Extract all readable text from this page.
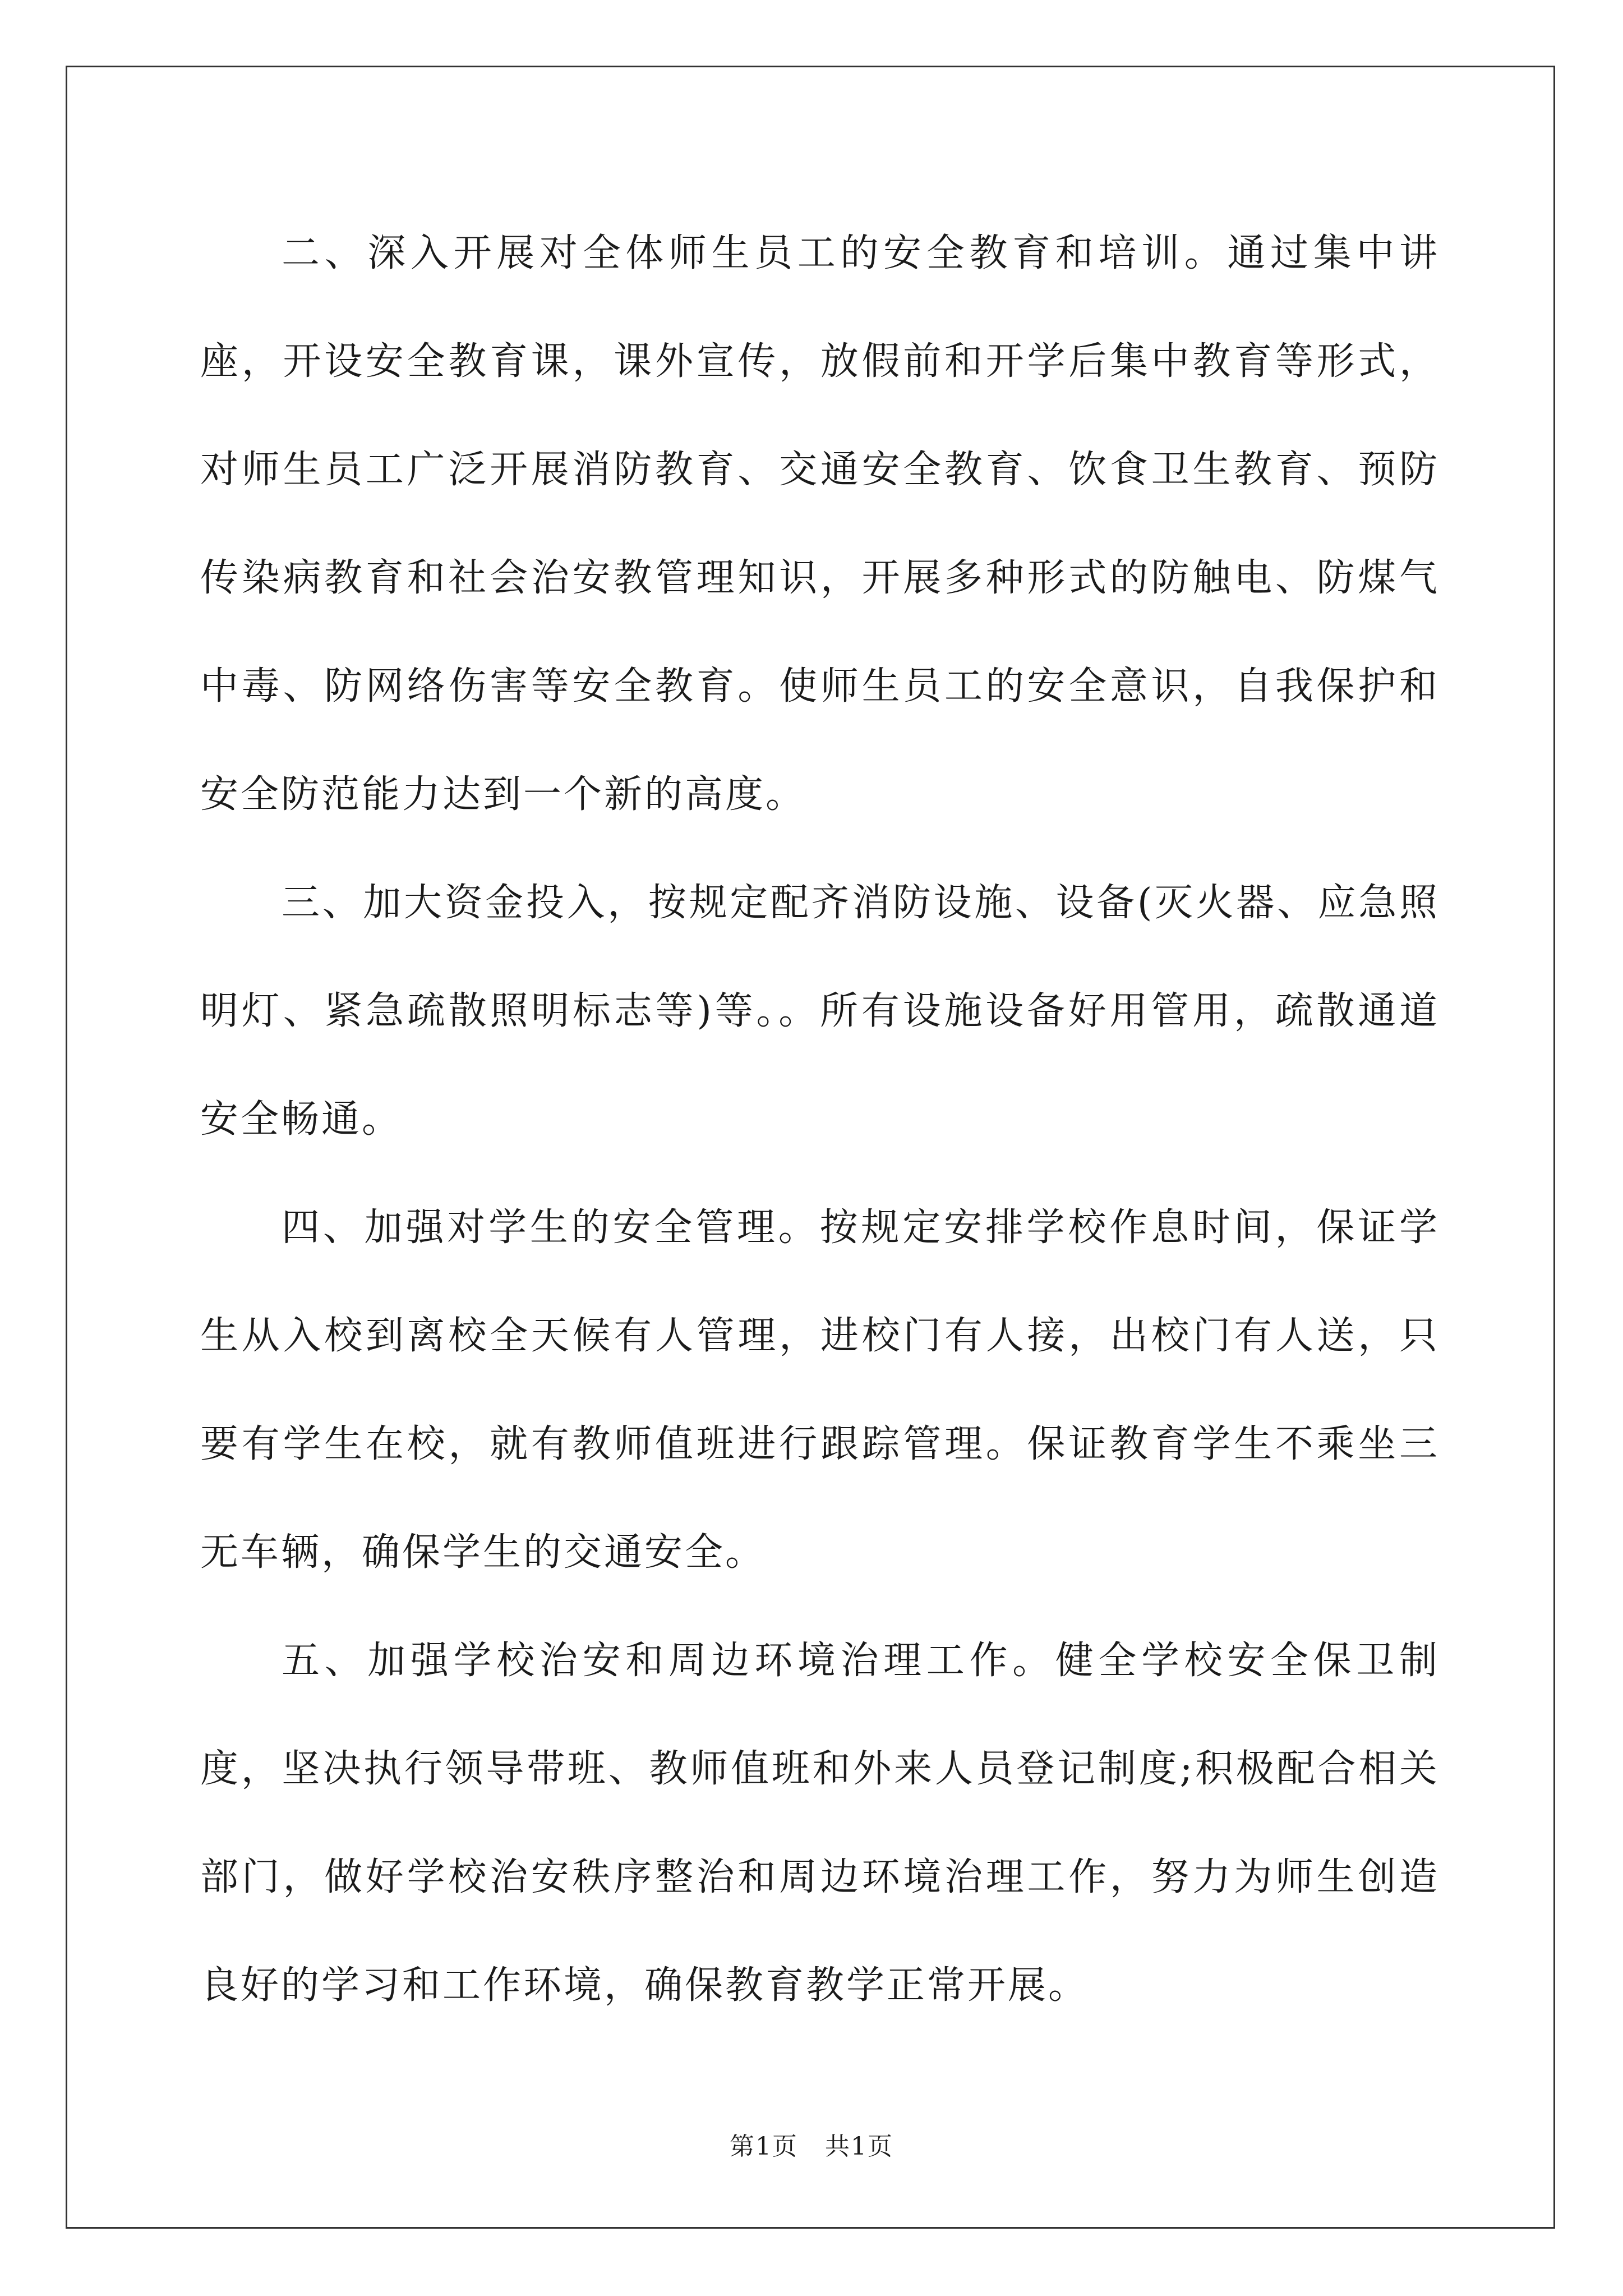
二、深入开展对全体师生员工的安全教育和培训。通过集中讲座，开设安全教育课，课外宣传，放假前和开学后集中教育等形式，对师生员工广泛开展消防教育、交通安全教育、饮食卫生教育、预防传染病教育和社会治安教管理知识，开展多种形式的防触电、防煤气中毒、防网络伤害等安全教育。使师生员工的安全意识，自我保护和安全防范能力达到一个新的高度。

三、加大资金投入，按规定配齐消防设施、设备(灭火器、应急照明灯、紧急疏散照明标志等)等。。所有设施设备好用管用，疏散通道安全畅通。

四、加强对学生的安全管理。按规定安排学校作息时间，保证学生从入校到离校全天候有人管理，进校门有人接，出校门有人送，只要有学生在校，就有教师值班进行跟踪管理。保证教育学生不乘坐三无车辆，确保学生的交通安全。

五、加强学校治安和周边环境治理工作。健全学校安全保卫制度，坚决执行领导带班、教师值班和外来人员登记制度;积极配合相关部门，做好学校治安秩序整治和周边环境治理工作，努力为师生创造良好的学习和工作环境，确保教育教学正常开展。

第1页 共1页
